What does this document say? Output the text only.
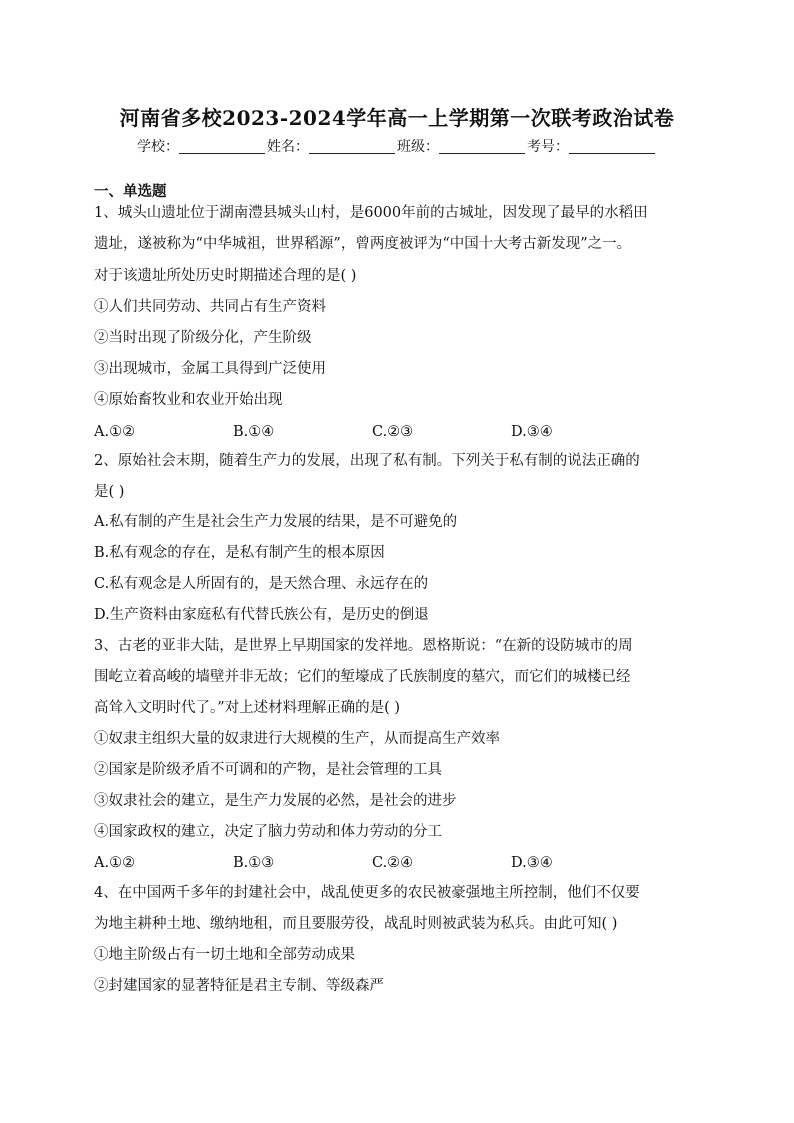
河南省多校2023-2024学年高一上学期第一次联考政治试卷
学校：	姓名：	班级：	考号：
一、单选题
1、城头山遗址位于湖南澧县城头山村，是6000年前的古城址，因发现了最早的水稻田
遗址，遂被称为“中华城祖，世界稻源”，曾两度被评为“中国十大考古新发现”之一。
对于该遗址所处历史时期描述合理的是( )
①人们共同劳动、共同占有生产资料
②当时出现了阶级分化，产生阶级
③出现城市，金属工具得到广泛使用
④原始畜牧业和农业开始出现
A.①②	B.①④	C.②③	D.③④
2、原始社会末期，随着生产力的发展，出现了私有制。下列关于私有制的说法正确的
是( )
A.私有制的产生是社会生产力发展的结果，是不可避免的
B.私有观念的存在，是私有制产生的根本原因
C.私有观念是人所固有的，是天然合理、永远存在的
D.生产资料由家庭私有代替氏族公有，是历史的倒退
3、古老的亚非大陆，是世界上早期国家的发祥地。恩格斯说：“在新的设防城市的周
围屹立着高峻的墙壁并非无故；它们的堑壕成了氏族制度的墓穴，而它们的城楼已经
高耸入文明时代了。”对上述材料理解正确的是( )
①奴隶主组织大量的奴隶进行大规模的生产，从而提高生产效率
②国家是阶级矛盾不可调和的产物，是社会管理的工具
③奴隶社会的建立，是生产力发展的必然，是社会的进步
④国家政权的建立，决定了脑力劳动和体力劳动的分工
A.①②	B.①③	C.②④	D.③④
4、在中国两千多年的封建社会中，战乱使更多的农民被豪强地主所控制，他们不仅要
为地主耕种土地、缴纳地租，而且要服劳役，战乱时则被武装为私兵。由此可知( )
①地主阶级占有一切土地和全部劳动成果
②封建国家的显著特征是君主专制、等级森严
